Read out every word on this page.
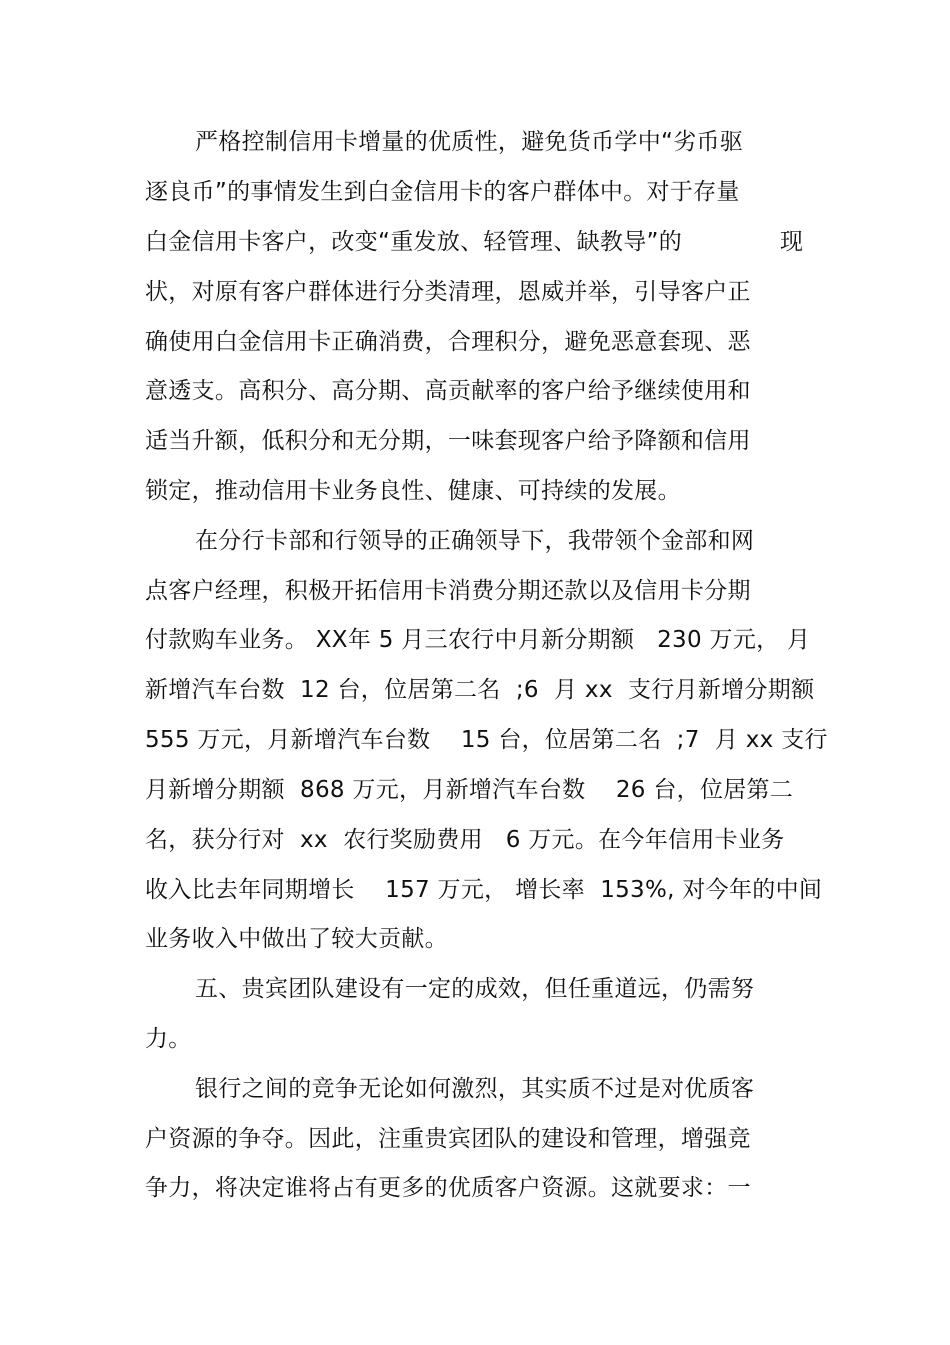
严格控制信用卡增量的优质性，避免货币学中“劣币驱
逐良币”的事情发生到白金信用卡的客户群体中。对于存量
白金信用卡客户，改变“重发放、轻管理、缺教导”的	现
状，对原有客户群体进行分类清理，恩威并举，引导客户正
确使用白金信用卡正确消费，合理积分，避免恶意套现、恶
意透支。高积分、高分期、高贡献率的客户给予继续使用和
适当升额，低积分和无分期，一味套现客户给予降额和信用
锁定，推动信用卡业务良性、健康、可持续的发展。
在分行卡部和行领导的正确领导下，我带领个金部和网
点客户经理，积极开拓信用卡消费分期还款以及信用卡分期
付款购车业务。 XX年 5 月三农行中月新分期额   230 万元， 月
新增汽车台数  12 台，位居第二名  ;6  月 xx  支行月新增分期额
555 万元，月新增汽车台数    15 台，位居第二名  ;7  月 xx 支行
月新增分期额  868 万元，月新增汽车台数    26 台，位居第二
名，获分行对  xx  农行奖励费用   6 万元。在今年信用卡业务
收入比去年同期增长    157 万元， 增长率  153%, 对今年的中间
业务收入中做出了较大贡献。
五、贵宾团队建设有一定的成效，但任重道远，仍需努
力。
银行之间的竞争无论如何激烈，其实质不过是对优质客
户资源的争夺。因此，注重贵宾团队的建设和管理，增强竞
争力，将决定谁将占有更多的优质客户资源。这就要求：一
